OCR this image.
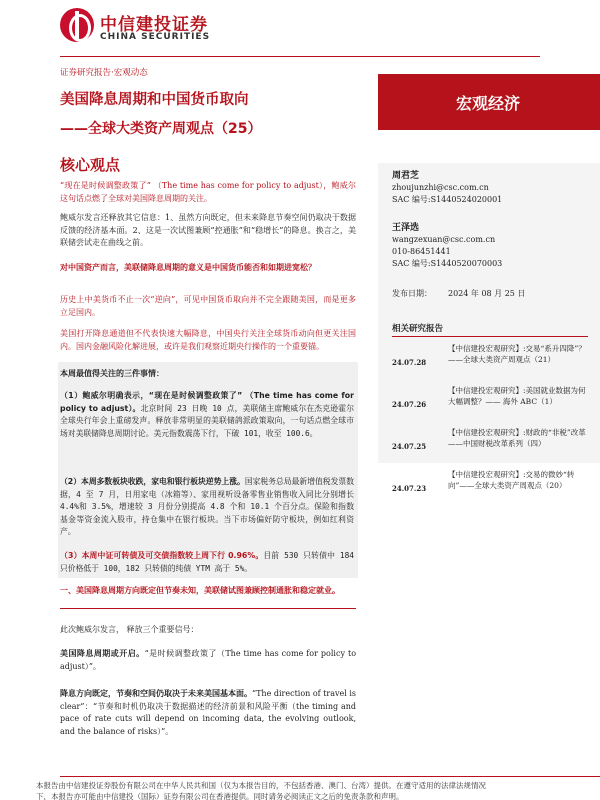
中信建投证券
CHINA SECURITIES
证券研究报告·宏观动态
美国降息周期和中国货币取向
——全球大类资产周观点（25）
宏观经济
核心观点
“现在是时候调整政策了” （The time has come for policy to adjust），鲍威尔这句话点燃了全球对美国降息周期的关注。
鲍威尔发言还释放其它信息：1、虽然方向既定，但未来降息节奏空间仍取决于数据反馈的经济基本面。2、这是一次试图兼顾“控通胀”和“稳增长”的降息。换言之，美联储尝试走在曲线之前。
对中国资产而言，美联储降息周期的意义是中国货币能否和如期进宽松？
历史上中美货币不止一次“逆向”，可见中国货币取向并不完全跟随美国，而是更多立足国内。
美国打开降息通道但不代表快速大幅降息，中国央行关注全球货币动向但更关注国内。国内金融风险化解进展，或许是我们观察近期央行操作的一个重要锚。
本周最值得关注的三件事情：
（1）鲍威尔明确表示，“现在是时候调整政策了” （The time has come for policy to adjust）。北京时间 23 日晚 10 点，美联储主席鲍威尔在杰克逊霍尔全球央行年会上重磅发声。释放非常明显的美联储鸽派政策取向，一句话点燃全球市场对美联储降息周期讨论。美元指数震荡下行，下破 101，收至 100.6。
（2）本周多数板块收跌，家电和银行板块逆势上涨。国家税务总局最新增值税发票数据，4 至 7 月，日用家电（冰箱等）、家用视听设备零售业销售收入同比分别增长 4.4%和 3.5%，增速较 3 月份分别提高 4.8 个和 10.1 个百分点。保险和指数基金等资金流入股市，持仓集中在银行板块。当下市场偏好防守板块，例如红利资产。
（3）本周中证可转债及可交债指数较上周下行 0.96%。目前 530 只转债中 184 只价格低于 100，182 只转债的纯债 YTM 高于 5%。
一、美国降息周期方向既定但节奏未知，美联储试图兼顾控制通胀和稳定就业。
此次鲍威尔发言， 释放三个重要信号：
美国降息周期或开启。“是时候调整政策了（The time has come for policy to adjust）”。
降息方向既定，节奏和空间仍取决于未来美国基本面。“The direction of travel is clear”：“节奏和时机仍取决于数据描述的经济前景和风险平衡（the timing and pace of rate cuts will depend on incoming data, the evolving outlook, and the balance of risks）”。
周君芝
zhoujunzhi@csc.com.cn
SAC 编号:S1440524020001
王泽选
wangzexuan@csc.com.cn
010-86451441
SAC 编号:S1440520070003
发布日期： 2024 年 08 月 25 日
相关研究报告
24.07.28
【中信建投宏观研究】:交易“系升四降”？ ——全球大类资产周观点（21）
24.07.26
【中信建投宏观研究】:美国就业数据为何大幅调整？—— 海外 ABC（1）
24.07.25
【中信建投宏观研究】:财政的“非税”改革——中国财税改革系列（四）
24.07.23
【中信建投宏观研究】:交易的微妙“转向”——全球大类资产周观点（20）
本报告由中信建投证券股份有限公司在中华人民共和国（仅为本报告目的，不包括香港、澳门、台湾）提供。在遵守适用的法律法规情况
下，本报告亦可能由中信建投（国际）证券有限公司在香港提供。同时请务必阅读正文之后的免责条款和声明。
